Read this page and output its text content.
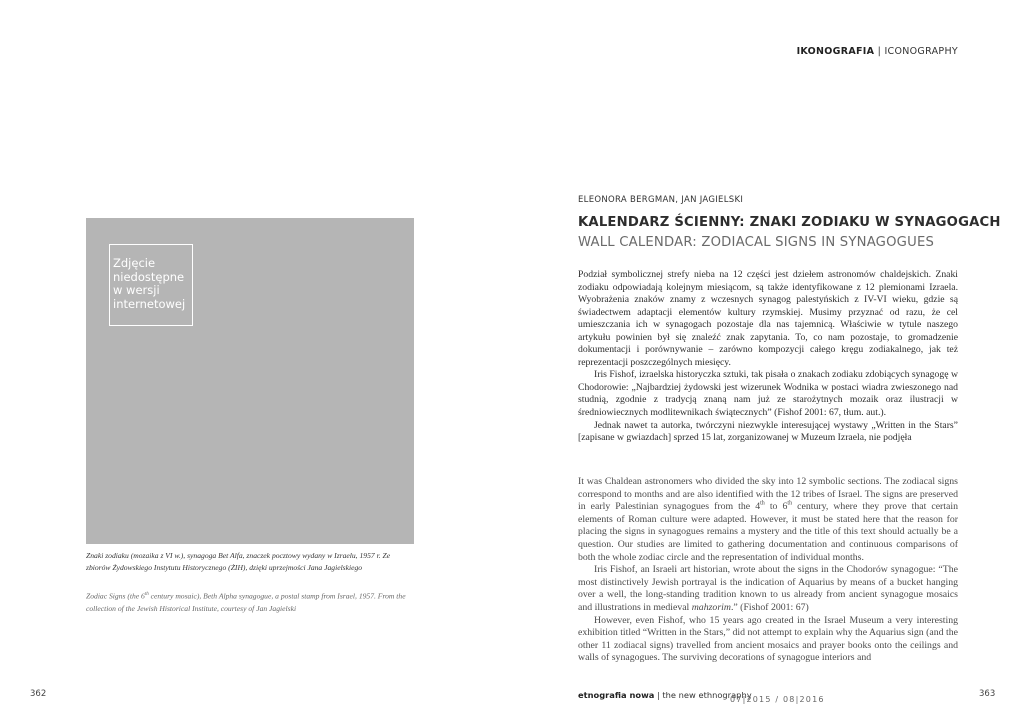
IKONOGRAFIA | ICONOGRAPHY
Zdjęcie niedostępne w wersji internetowej
Znaki zodiaku (mozaika z VI w.), synagoga Bet Alfa, znaczek pocztowy wydany w Izraelu, 1957 r. Ze zbiorów Żydowskiego Instytutu Historycznego (ŻIH), dzięki uprzejmości Jana Jagielskiego
Zodiac Signs (the 6th century mosaic), Beth Alpha synagogue, a postal stamp from Israel, 1957. From the collection of the Jewish Historical Institute, courtesy of Jan Jagielski
ELEONORA BERGMAN, JAN JAGIELSKI
KALENDARZ ŚCIENNY: ZNAKI ZODIAKU W SYNAGOGACH
WALL CALENDAR: ZODIACAL SIGNS IN SYNAGOGUES

Podział symbolicznej strefy nieba na 12 części jest dziełem astronomów chaldejskich. Znaki zodiaku odpowiadają kolejnym miesiącom, są także identyfikowane z 12 plemionami Izraela. Wyobrażenia znaków znamy z wczesnych synagog palestyńskich z IV-VI wieku, gdzie są świadectwem adaptacji elementów kultury rzymskiej. Musimy przyznać od razu, że cel umieszczania ich w synagogach pozostaje dla nas tajemnicą. Właściwie w tytule naszego artykułu powinien był się znaleźć znak zapytania. To, co nam pozostaje, to gromadzenie dokumentacji i porównywanie – zarówno kompozycji całego kręgu zodiakalnego, jak też reprezentacji poszczególnych miesięcy.

Iris Fishof, izraelska historyczka sztuki, tak pisała o znakach zodiaku zdobiących synagogę w Chodorowie: „Najbardziej żydowski jest wizerunek Wodnika w postaci wiadra zwieszonego nad studnią, zgodnie z tradycją znaną nam już ze starożytnych mozaik oraz ilustracji w średniowiecznych modlitewnikach świątecznych” (Fishof 2001: 67, tłum. aut.).

Jednak nawet ta autorka, twórczyni niezwykle interesującej wystawy „Written in the Stars” [zapisane w gwiazdach] sprzed 15 lat, zorganizowanej w Muzeum Izraela, nie podjęła

It was Chaldean astronomers who divided the sky into 12 symbolic sections. The zodiacal signs correspond to months and are also identified with the 12 tribes of Israel. The signs are preserved in early Palestinian synagogues from the 4th to 6th century, where they prove that certain elements of Roman culture were adapted. However, it must be stated here that the reason for placing the signs in synagogues remains a mystery and the title of this text should actually be a question. Our studies are limited to gathering documentation and continuous comparisons of both the whole zodiac circle and the representation of individual months.

Iris Fishof, an Israeli art historian, wrote about the signs in the Chodorów synagogue: “The most distinctively Jewish portrayal is the indication of Aquarius by means of a bucket hanging over a well, the long-standing tradition known to us already from ancient synagogue mosaics and illustrations in medieval mahzorim.” (Fishof 2001: 67)

However, even Fishof, who 15 years ago created in the Israel Museum a very interesting exhibition titled “Written in the Stars,” did not attempt to explain why the Aquarius sign (and the other 11 zodiacal signs) travelled from ancient mosaics and prayer books onto the ceilings and walls of synagogues. The surviving decorations of synagogue interiors and

362	363
etnografia nowa | the new ethnography
07|2015 / 08|2016
